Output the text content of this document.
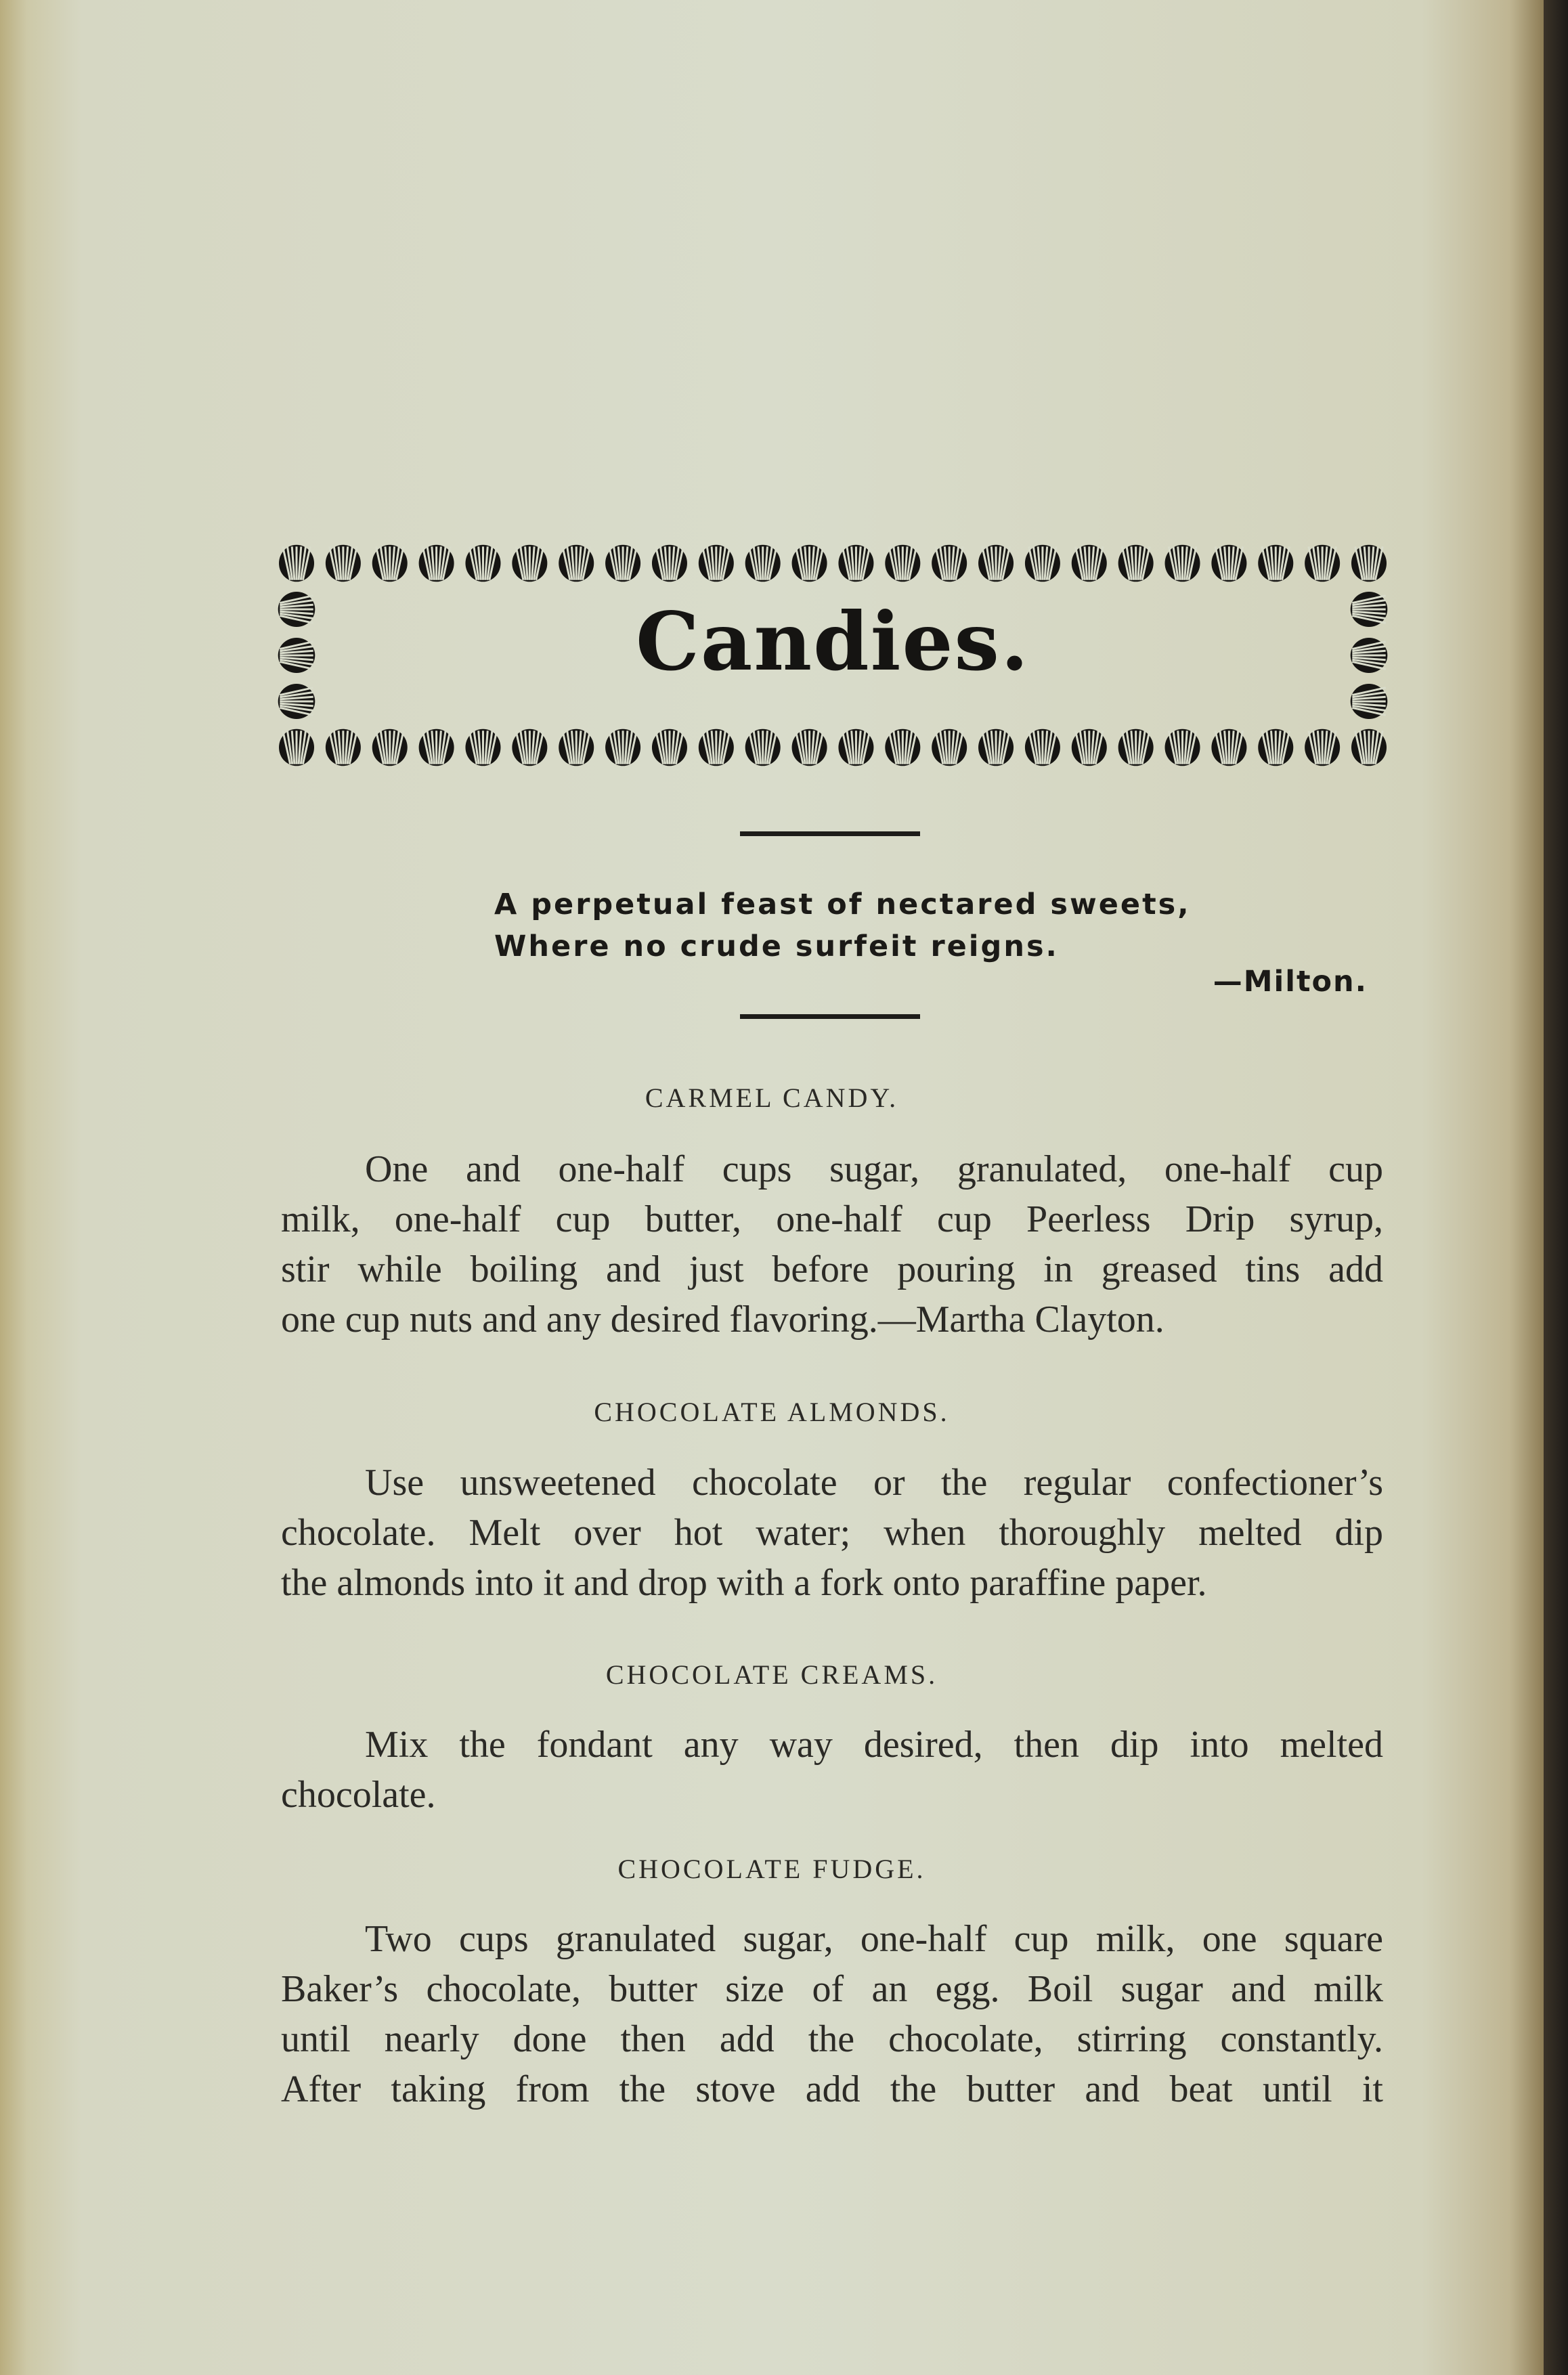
Candies.
A perpetual feast of nectared sweets,
Where no crude surfeit reigns.
—Milton.
CARMEL CANDY.
One and one-half cups sugar, granulated, one-half cup
milk, one-half cup butter, one-half cup Peerless Drip syrup,
stir while boiling and just before pouring in greased tins add
one cup nuts and any desired flavoring.—Martha Clayton.
CHOCOLATE ALMONDS.
Use unsweetened chocolate or the regular confectioner’s
chocolate. Melt over hot water; when thoroughly melted dip
the almonds into it and drop with a fork onto paraffine paper.
CHOCOLATE CREAMS.
Mix the fondant any way desired, then dip into melted
chocolate.
CHOCOLATE FUDGE.
Two cups granulated sugar, one-half cup milk, one square
Baker’s chocolate, butter size of an egg. Boil sugar and milk
until nearly done then add the chocolate, stirring constantly.
After taking from the stove add the butter and beat until it
